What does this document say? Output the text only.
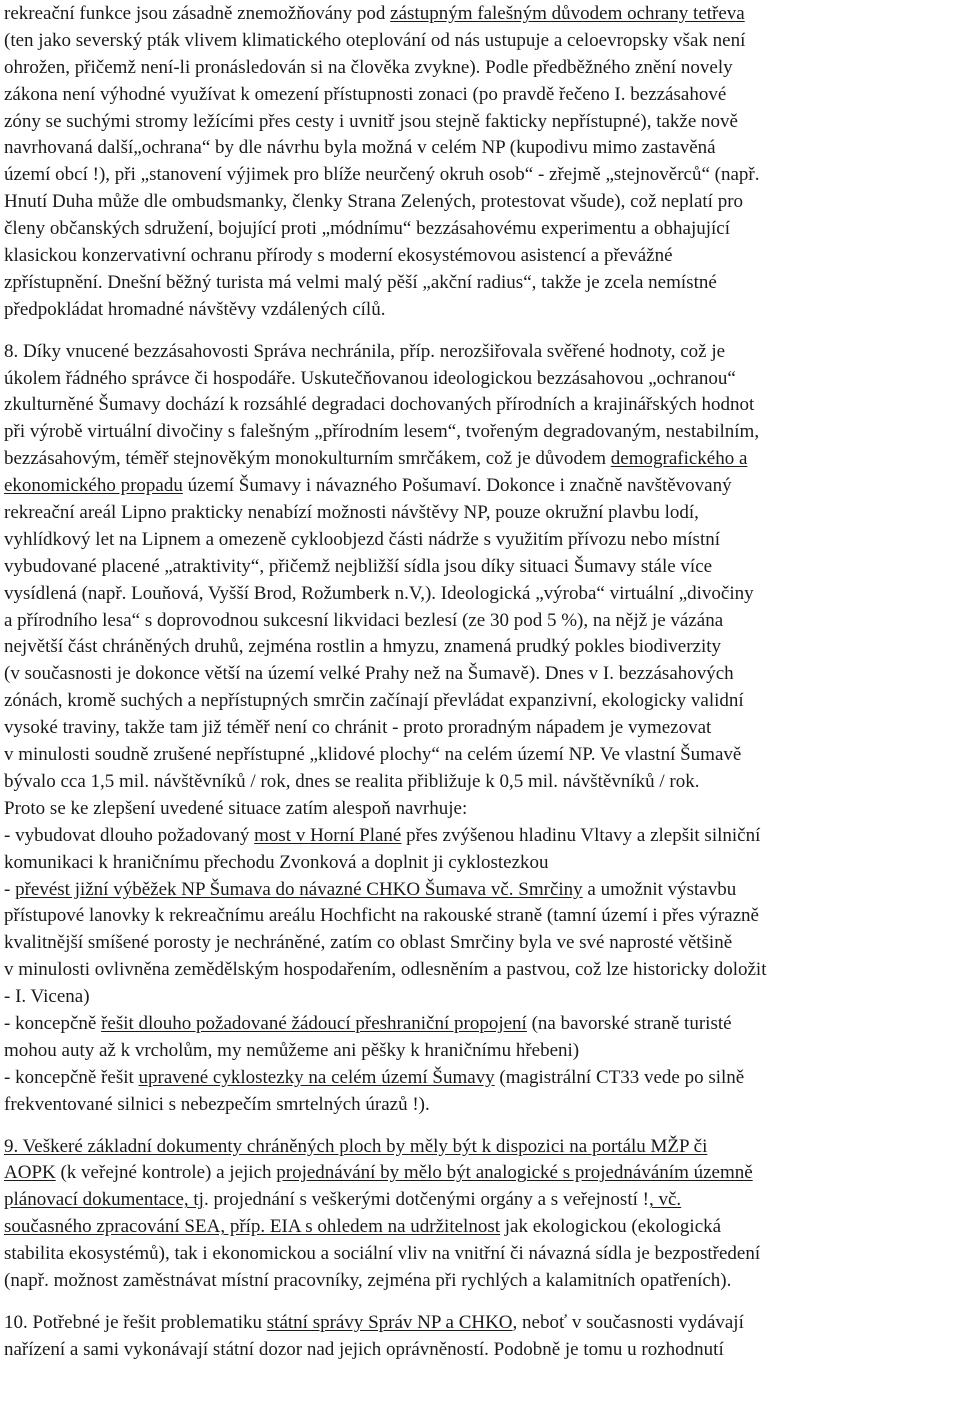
rekreační funkce jsou zásadně znemožňovány pod zástupným falešným důvodem ochrany tetřeva
(ten jako severský pták vlivem klimatického oteplování od nás ustupuje a celoevropsky však není
ohrožen, přičemž není-li pronásledován si na člověka zvykne). Podle předběžného znění novely
zákona není výhodné využívat k omezení přístupnosti zonaci (po pravdě řečeno I. bezzásahové
zóny se suchými stromy ležícími přes cesty i uvnitř jsou stejně fakticky nepřístupné), takže nově
navrhovaná další„ochrana“ by dle návrhu byla možná v celém NP (kupodivu mimo zastavěná
území obcí !), při „stanovení výjimek pro blíže neurčený okruh osob“ - zřejmě „stejnověrců“ (např.
Hnutí Duha může dle ombudsmanky, členky Strana Zelených, protestovat všude), což neplatí pro
členy občanských sdružení, bojující proti „módnímu“ bezzásahovému experimentu a obhajující
klasickou konzervativní ochranu přírody s moderní ekosystémovou asistencí a převážné
zpřístupnění. Dnešní běžný turista má velmi malý pěší „akční radius“, takže je zcela nemístné
předpokládat hromadné návštěvy vzdálených cílů.
8. Díky vnucené bezzásahovosti Správa nechránila, příp. nerozšiřovala svěřené hodnoty, což je
úkolem řádného správce či hospodáře. Uskutečňovanou ideologickou bezzásahovou „ochranou“
zkulturněné Šumavy dochází k rozsáhlé degradaci dochovaných přírodních a krajinářských hodnot
při výrobě virtuální divočiny s falešným „přírodním lesem“, tvořeným degradovaným, nestabilním,
bezzásahovým, téměř stejnověkým monokulturním smrčákem, což je důvodem demografického a
ekonomického propadu území Šumavy i návazného Pošumaví. Dokonce i značně navštěvovaný
rekreační areál Lipno prakticky nenabízí možnosti návštěvy NP, pouze okružní plavbu lodí,
vyhlídkový let na Lipnem a omezeně cykloobjezd části nádrže s využitím přívozu nebo místní
vybudované placené „atraktivity“, přičemž nejbližší sídla jsou díky situaci Šumavy stále více
vysídlená (např. Louňová, Vyšší Brod, Rožumberk n.V,). Ideologická „výroba“ virtuální „divočiny
a přírodního lesa“ s doprovodnou sukcesní likvidaci bezlesí (ze 30 pod 5 %), na nějž je vázána
největší část chráněných druhů, zejména rostlin a hmyzu, znamená prudký pokles biodiverzity
(v současnosti je dokonce větší na území velké Prahy než na Šumavě). Dnes v I. bezzásahových
zónách, kromě suchých a nepřístupných smrčin začínají převládat expanzivní, ekologicky validní
vysoké traviny, takže tam již téměř není co chránit - proto proradným nápadem je vymezovat
v minulosti soudně zrušené nepřístupné „klidové plochy“ na celém území NP. Ve vlastní Šumavě
bývalo cca 1,5 mil. návštěvníků / rok, dnes se realita přibližuje k 0,5 mil. návštěvníků / rok.
Proto se ke zlepšení uvedené situace zatím alespoň navrhuje:
- vybudovat dlouho požadovaný most v Horní Plané přes zvýšenou hladinu Vltavy a zlepšit silniční
komunikaci k hraničnímu přechodu Zvonková a doplnit ji cyklostezkou
- převést jižní výběžek NP Šumava do návazné CHKO Šumava vč. Smrčiny a umožnit výstavbu
přístupové lanovky k rekreačnímu areálu Hochficht na rakouské straně (tamní území i přes výrazně
kvalitnější smíšené porosty je nechráněné, zatím co oblast Smrčiny byla ve své naprosté většině
v minulosti ovlivněna zemědělským hospodařením, odlesněním a pastvou, což lze historicky doložit
- I. Vicena)
- koncepčně řešit dlouho požadované žádoucí přeshraniční propojení (na bavorské straně turisté
mohou auty až k vrcholům, my nemůžeme ani pěšky k hraničnímu hřebeni)
- koncepčně řešit upravené cyklostezky na celém území Šumavy (magistrální CT33 vede po silně
frekventované silnici s nebezpečím smrtelných úrazů !).
9. Veškeré základní dokumenty chráněných ploch by měly být k dispozici na portálu MŽP či
AOPK (k veřejné kontrole) a jejich projednávání by mělo být analogické s projednáváním územně
plánovací dokumentace, tj. projednání s veškerými dotčenými orgány a s veřejností !, vč.
současného zpracování SEA, příp. EIA s ohledem na udržitelnost jak ekologickou (ekologická
stabilita ekosystémů), tak i ekonomickou a sociální vliv na vnitřní či návazná sídla je bezpostředení
(např. možnost zaměstnávat místní pracovníky, zejména při rychlých a kalamitních opatřeních).
10. Potřebné je řešit problematiku státní správy Správ NP a CHKO, neboť v současnosti vydávají
nařízení a sami vykonávají státní dozor nad jejich oprávněností. Podobně je tomu u rozhodnutí
